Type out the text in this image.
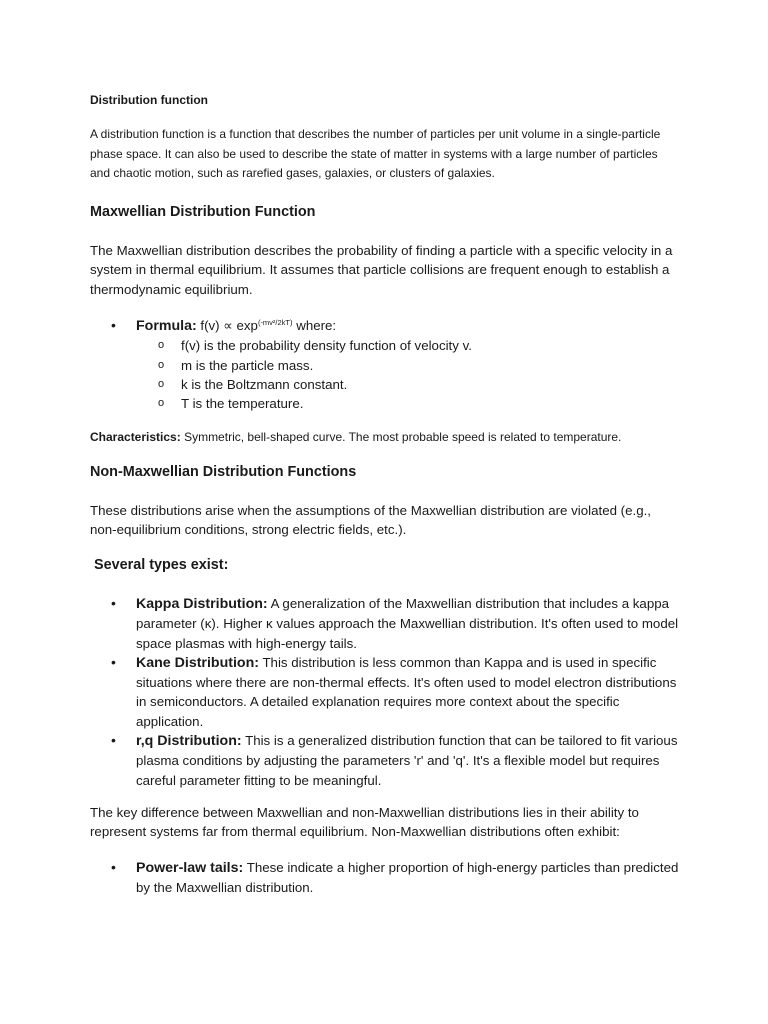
Distribution function

A distribution function is a function that describes the number of particles per unit volume in a single-particle phase space. It can also be used to describe the state of matter in systems with a large number of particles and chaotic motion, such as rarefied gases, galaxies, or clusters of galaxies.

Maxwellian Distribution Function

The Maxwellian distribution describes the probability of finding a particle with a specific velocity in a system in thermal equilibrium. It assumes that particle collisions are frequent enough to establish a thermodynamic equilibrium.

• Formula: $f(v) \propto \exp^{(-mv^2/2kT)}$ where:
o f(v) is the probability density function of velocity v.
o m is the particle mass.
o k is the Boltzmann constant.
o T is the temperature.

Characteristics: Symmetric, bell-shaped curve. The most probable speed is related to temperature.

Non-Maxwellian Distribution Functions

These distributions arise when the assumptions of the Maxwellian distribution are violated (e.g., non-equilibrium conditions, strong electric fields, etc.).

Several types exist:
• Kappa Distribution: A generalization of the Maxwellian distribution that includes a kappa parameter (κ). Higher κ values approach the Maxwellian distribution. It's often used to model space plasmas with high-energy tails.
• Kane Distribution: This distribution is less common than Kappa and is used in specific situations where there are non-thermal effects. It's often used to model electron distributions in semiconductors. A detailed explanation requires more context about the specific application.
• r,q Distribution: This is a generalized distribution function that can be tailored to fit various plasma conditions by adjusting the parameters 'r' and 'q'. It's a flexible model but requires careful parameter fitting to be meaningful.

The key difference between Maxwellian and non-Maxwellian distributions lies in their ability to represent systems far from thermal equilibrium. Non-Maxwellian distributions often exhibit:

• Power-law tails: These indicate a higher proportion of high-energy particles than predicted by the Maxwellian distribution.
